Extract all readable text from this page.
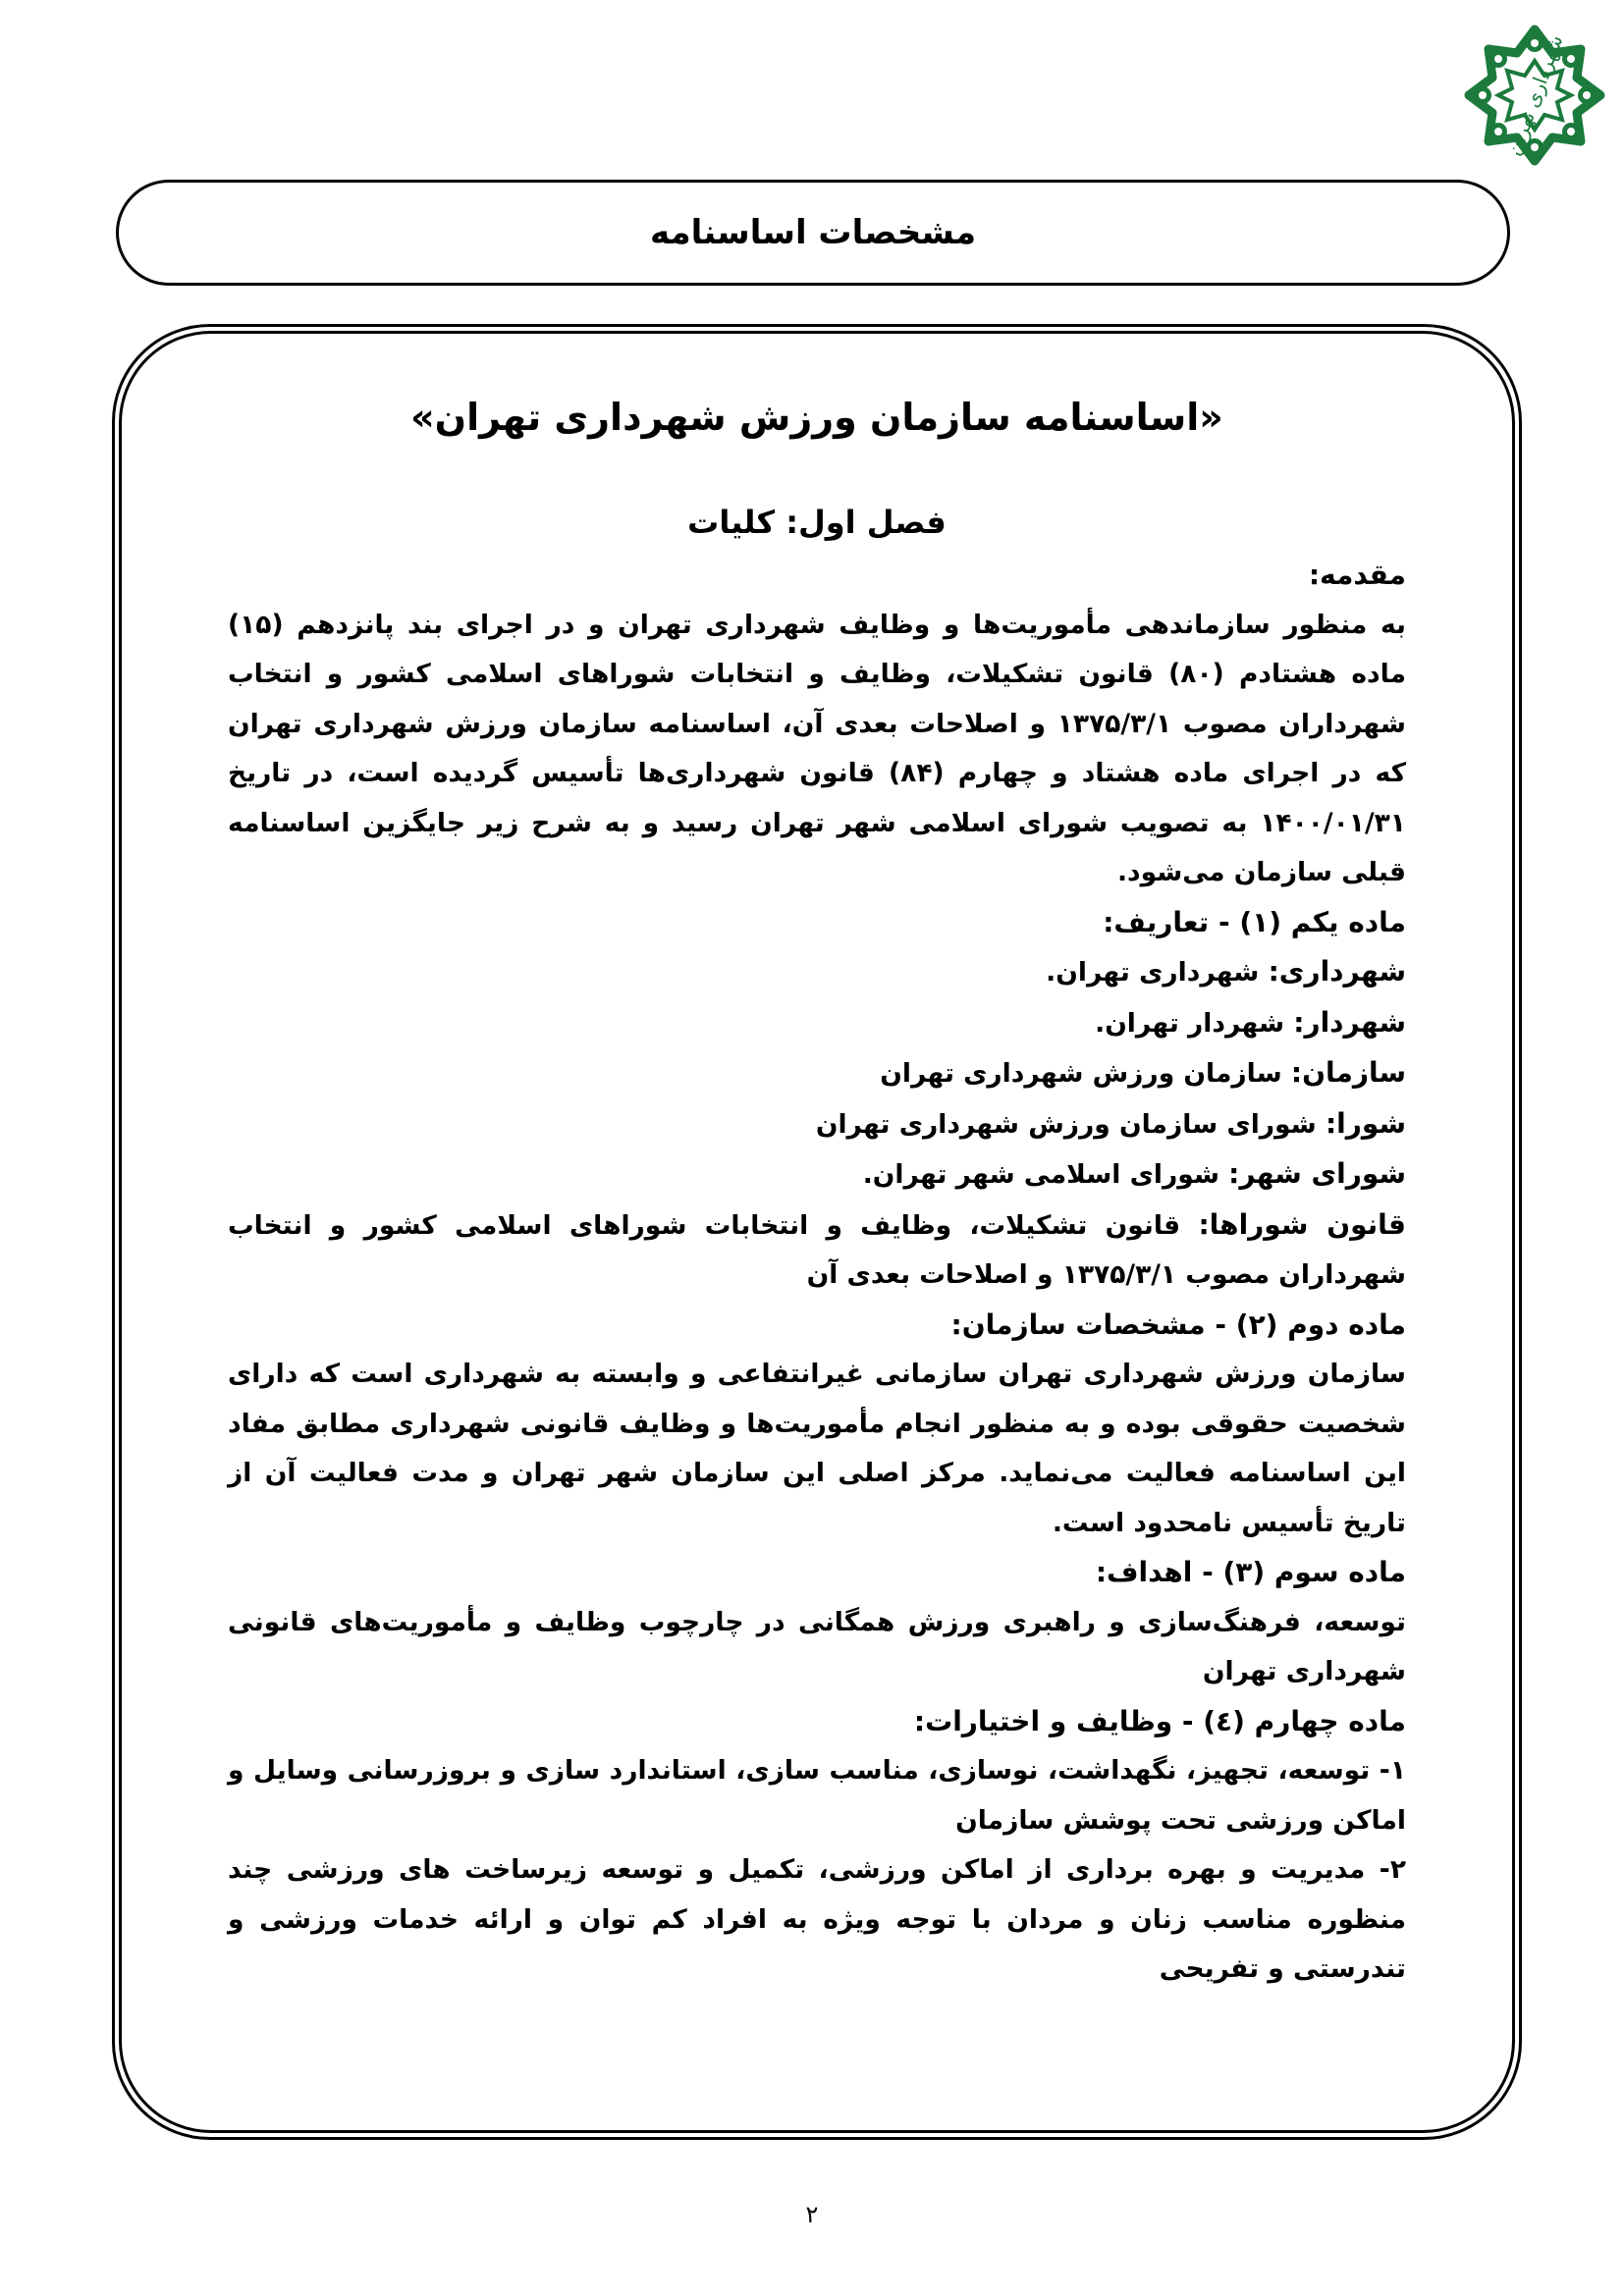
شهرداری تهران
مشخصات اساسنامه
«اساسنامه سازمان ورزش شهرداری تهران»
فصل اول: کلیات

مقدمه:

به منظور سازماندهی مأموریت‌ها و وظایف شهرداری تهران و در اجرای بند پانزدهم (۱۵) ماده هشتادم (۸۰) قانون تشکیلات، وظایف و انتخابات شوراهای اسلامی کشور و انتخاب شهرداران مصوب ۱۳۷۵/۳/۱ و اصلاحات بعدی آن، اساسنامه سازمان ورزش شهرداری تهران که در اجرای ماده هشتاد و چهارم (۸۴) قانون شهرداری‌ها تأسیس گردیده است، در تاریخ ۱۴۰۰/۰۱/۳۱ به تصویب شورای اسلامی شهر تهران رسید و به شرح زیر جایگزین اساسنامه قبلی سازمان می‌شود.

ماده یکم (۱) - تعاریف:

شهرداری: شهرداری تهران.

شهردار: شهردار تهران.

سازمان: سازمان ورزش شهرداری تهران

شورا: شورای سازمان ورزش شهرداری تهران

شورای شهر: شورای اسلامی شهر تهران.

قانون شوراها: قانون تشکیلات، وظایف و انتخابات شوراهای اسلامی کشور و انتخاب شهرداران مصوب ۱۳۷۵/۳/۱ و اصلاحات بعدی آن

ماده دوم (۲) - مشخصات سازمان:

سازمان ورزش شهرداری تهران سازمانی غیرانتفاعی و وابسته به شهرداری است که دارای شخصیت حقوقی بوده و به منظور انجام مأموریت‌ها و وظایف قانونی شهرداری مطابق مفاد این اساسنامه فعالیت می‌نماید. مرکز اصلی این سازمان شهر تهران و مدت فعالیت آن از تاریخ تأسیس نامحدود است.

ماده سوم (۳) - اهداف:

توسعه، فرهنگ‌سازی و راهبری ورزش همگانی در چارچوب وظایف و مأموریت‌های قانونی شهرداری تهران

ماده چهارم (٤) - وظایف و اختیارات:

۱- توسعه، تجهیز، نگهداشت، نوسازی، مناسب سازی، استاندارد سازی و بروزرسانی وسایل و اماکن ورزشی تحت پوشش سازمان

۲- مدیریت و بهره برداری از اماکن ورزشی، تکمیل و توسعه زیرساخت های ورزشی چند منظوره مناسب زنان و مردان با توجه ویژه به افراد کم توان و ارائه خدمات ورزشی و تندرستی و تفریحی

۲
